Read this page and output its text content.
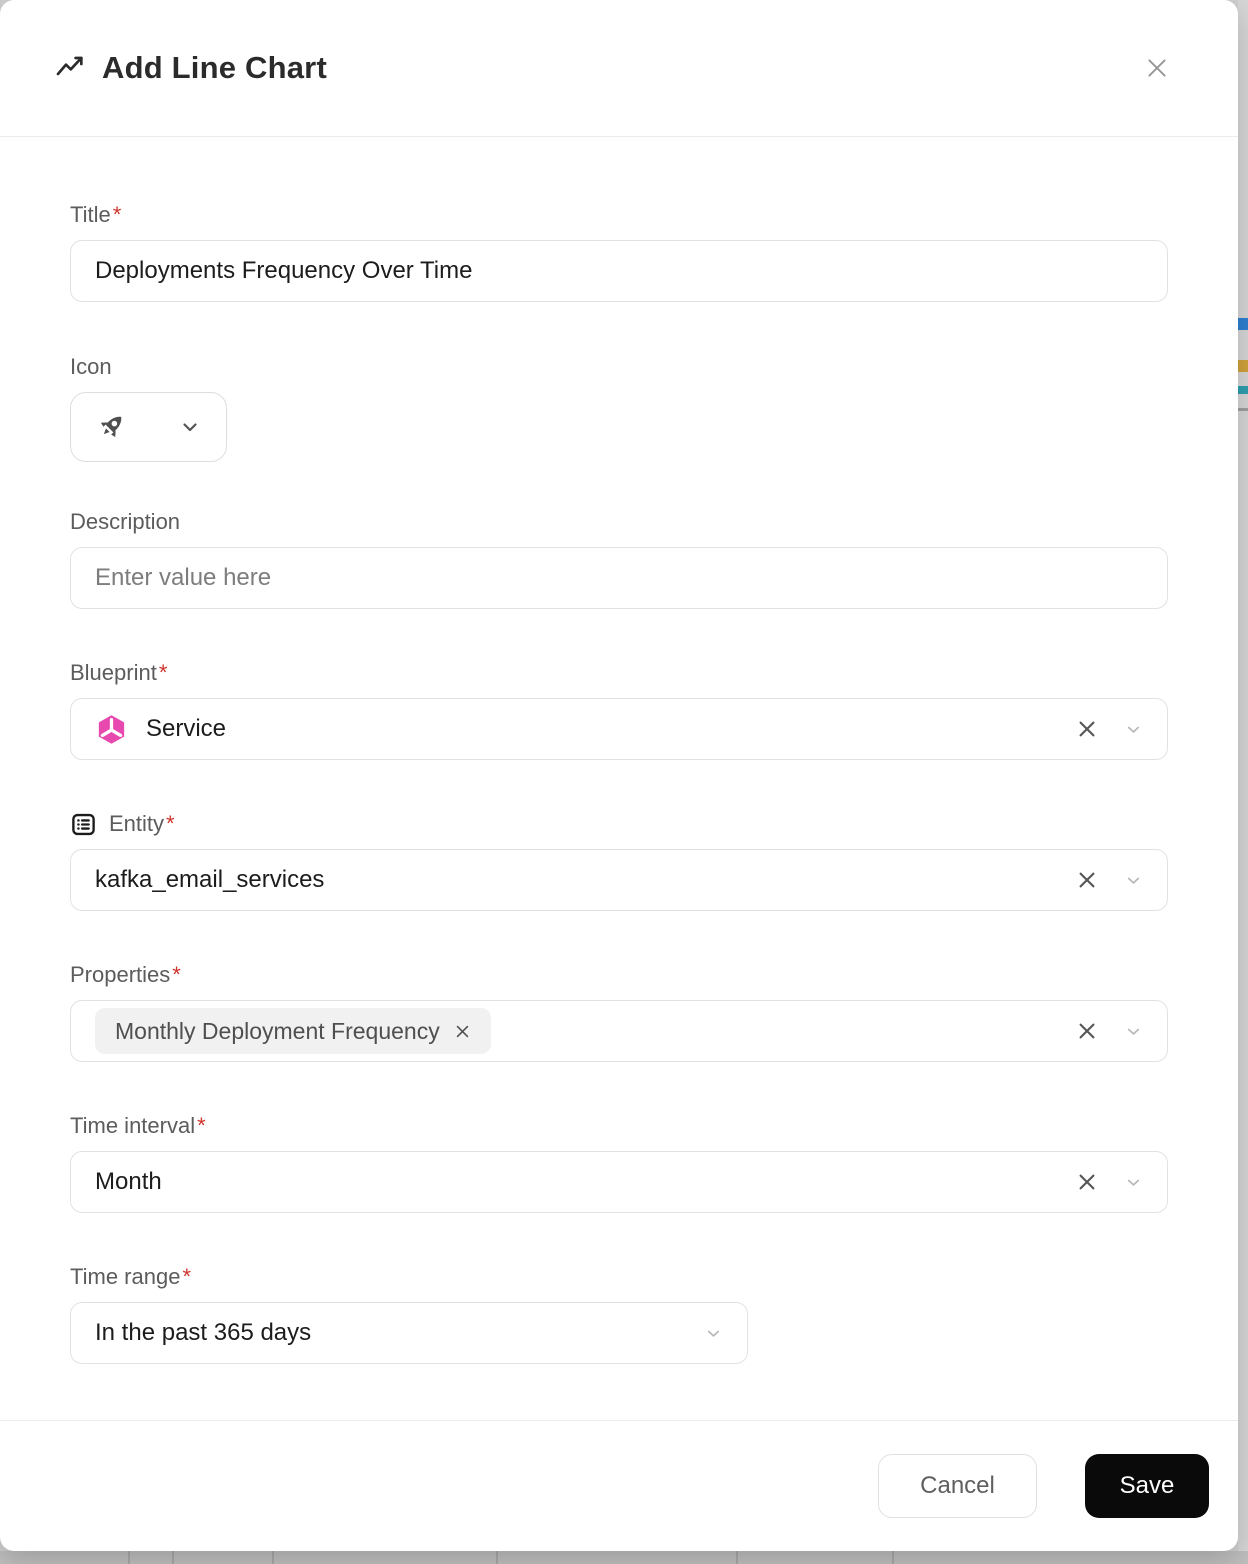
Add Line Chart
Title *
Deployments Frequency Over Time
Icon
Description
Enter value here
Blueprint *
Service
Entity *
kafka_email_services
Properties *
Monthly Deployment Frequency
Time interval *
Month
Time range *
In the past 365 days
Cancel	Save
